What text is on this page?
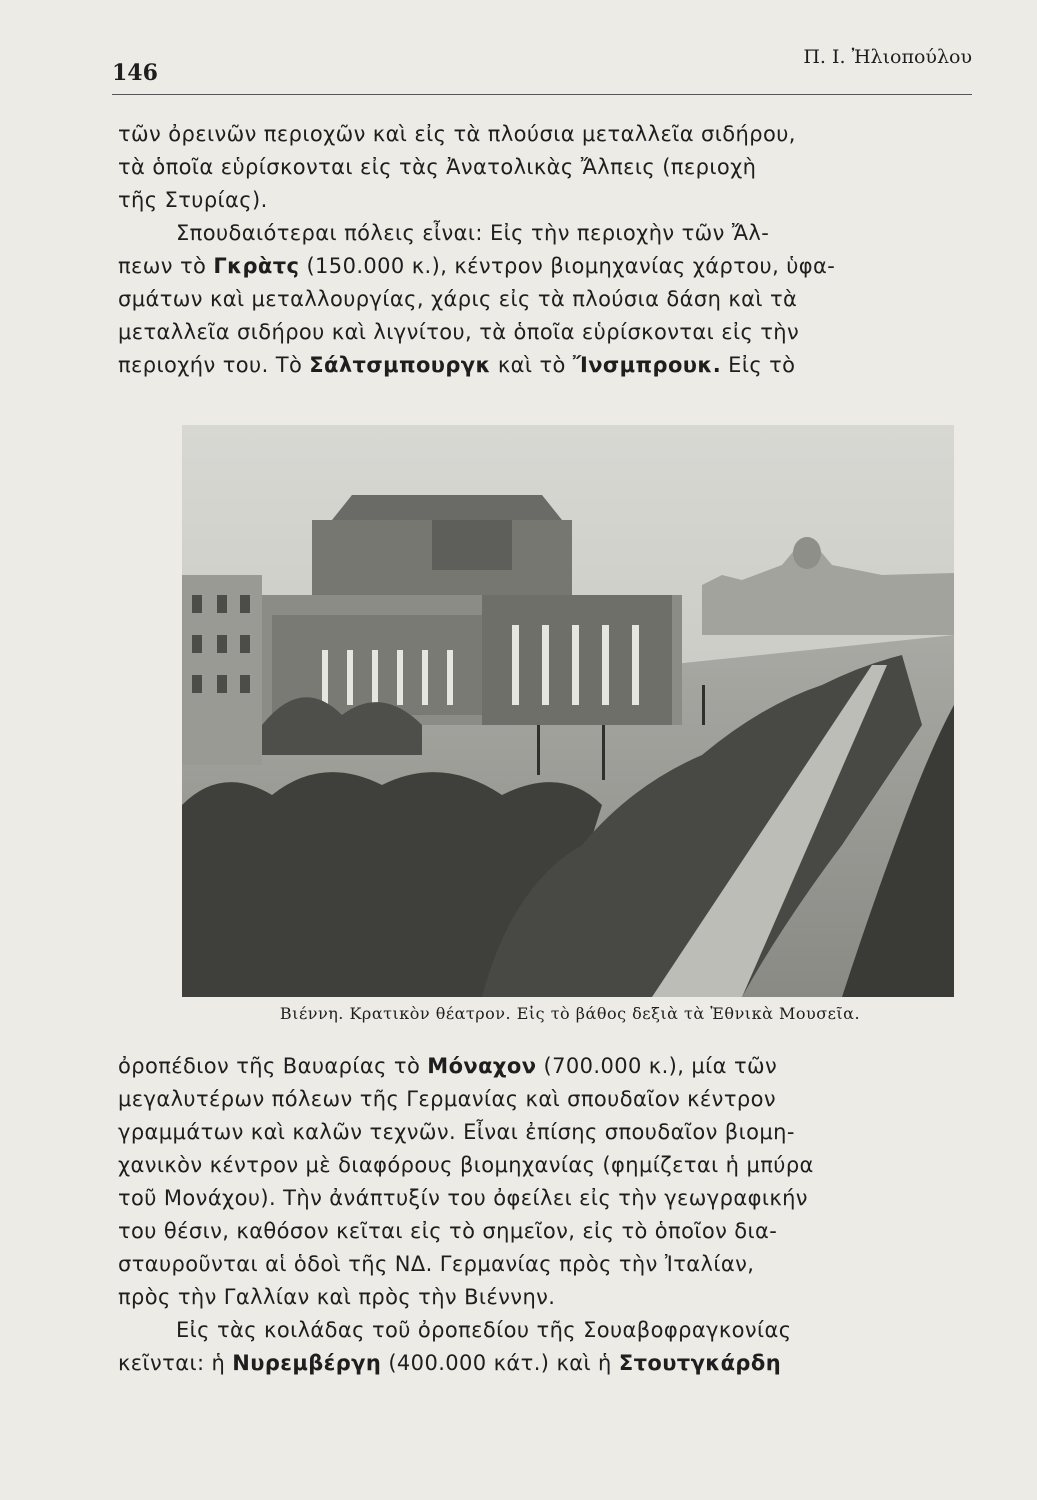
146
Π. Ι. Ἠλιοπούλου
τῶν ὀρεινῶν περιοχῶν καὶ εἰς τὰ πλούσια μεταλλεῖα σιδήρου,
τὰ ὁποῖα εὑρίσκονται εἰς τὰς Ἀνατολικὰς Ἄλπεις (περιοχὴ
τῆς Στυρίας).
Σπουδαιότεραι πόλεις εἶναι: Εἰς τὴν περιοχὴν τῶν Ἄλ-
πεων τὸ Γκρὰτς (150.000 κ.), κέντρον βιομηχανίας χάρτου, ὑφα-
σμάτων καὶ μεταλλουργίας, χάρις εἰς τὰ πλούσια δάση καὶ τὰ
μεταλλεῖα σιδήρου καὶ λιγνίτου, τὰ ὁποῖα εὑρίσκονται εἰς τὴν
περιοχήν του. Τὸ Σάλτσμπουργκ καὶ τὸ Ἴνσμπρουκ. Εἰς τὸ
Βιέννη. Κρατικὸν θέατρον. Εἰς τὸ βάθος δεξιὰ τὰ Ἐθνικὰ Μουσεῖα.
ὀροπέδιον τῆς Βαυαρίας τὸ Μόναχον (700.000 κ.), μία τῶν
μεγαλυτέρων πόλεων τῆς Γερμανίας καὶ σπουδαῖον κέντρον
γραμμάτων καὶ καλῶν τεχνῶν. Εἶναι ἐπίσης σπουδαῖον βιομη-
χανικὸν κέντρον μὲ διαφόρους βιομηχανίας (φημίζεται ἡ μπύρα
τοῦ Μονάχου). Τὴν ἀνάπτυξίν του ὀφείλει εἰς τὴν γεωγραφικήν
του θέσιν, καθόσον κεῖται εἰς τὸ σημεῖον, εἰς τὸ ὁποῖον δια-
σταυροῦνται αἱ ὁδοὶ τῆς ΝΔ. Γερμανίας πρὸς τὴν Ἰταλίαν,
πρὸς τὴν Γαλλίαν καὶ πρὸς τὴν Βιέννην.
Εἰς τὰς κοιλάδας τοῦ ὀροπεδίου τῆς Σουαβοφραγκονίας
κεῖνται: ἡ Νυρεμβέργη (400.000 κάτ.) καὶ ἡ Στουτγκάρδη
